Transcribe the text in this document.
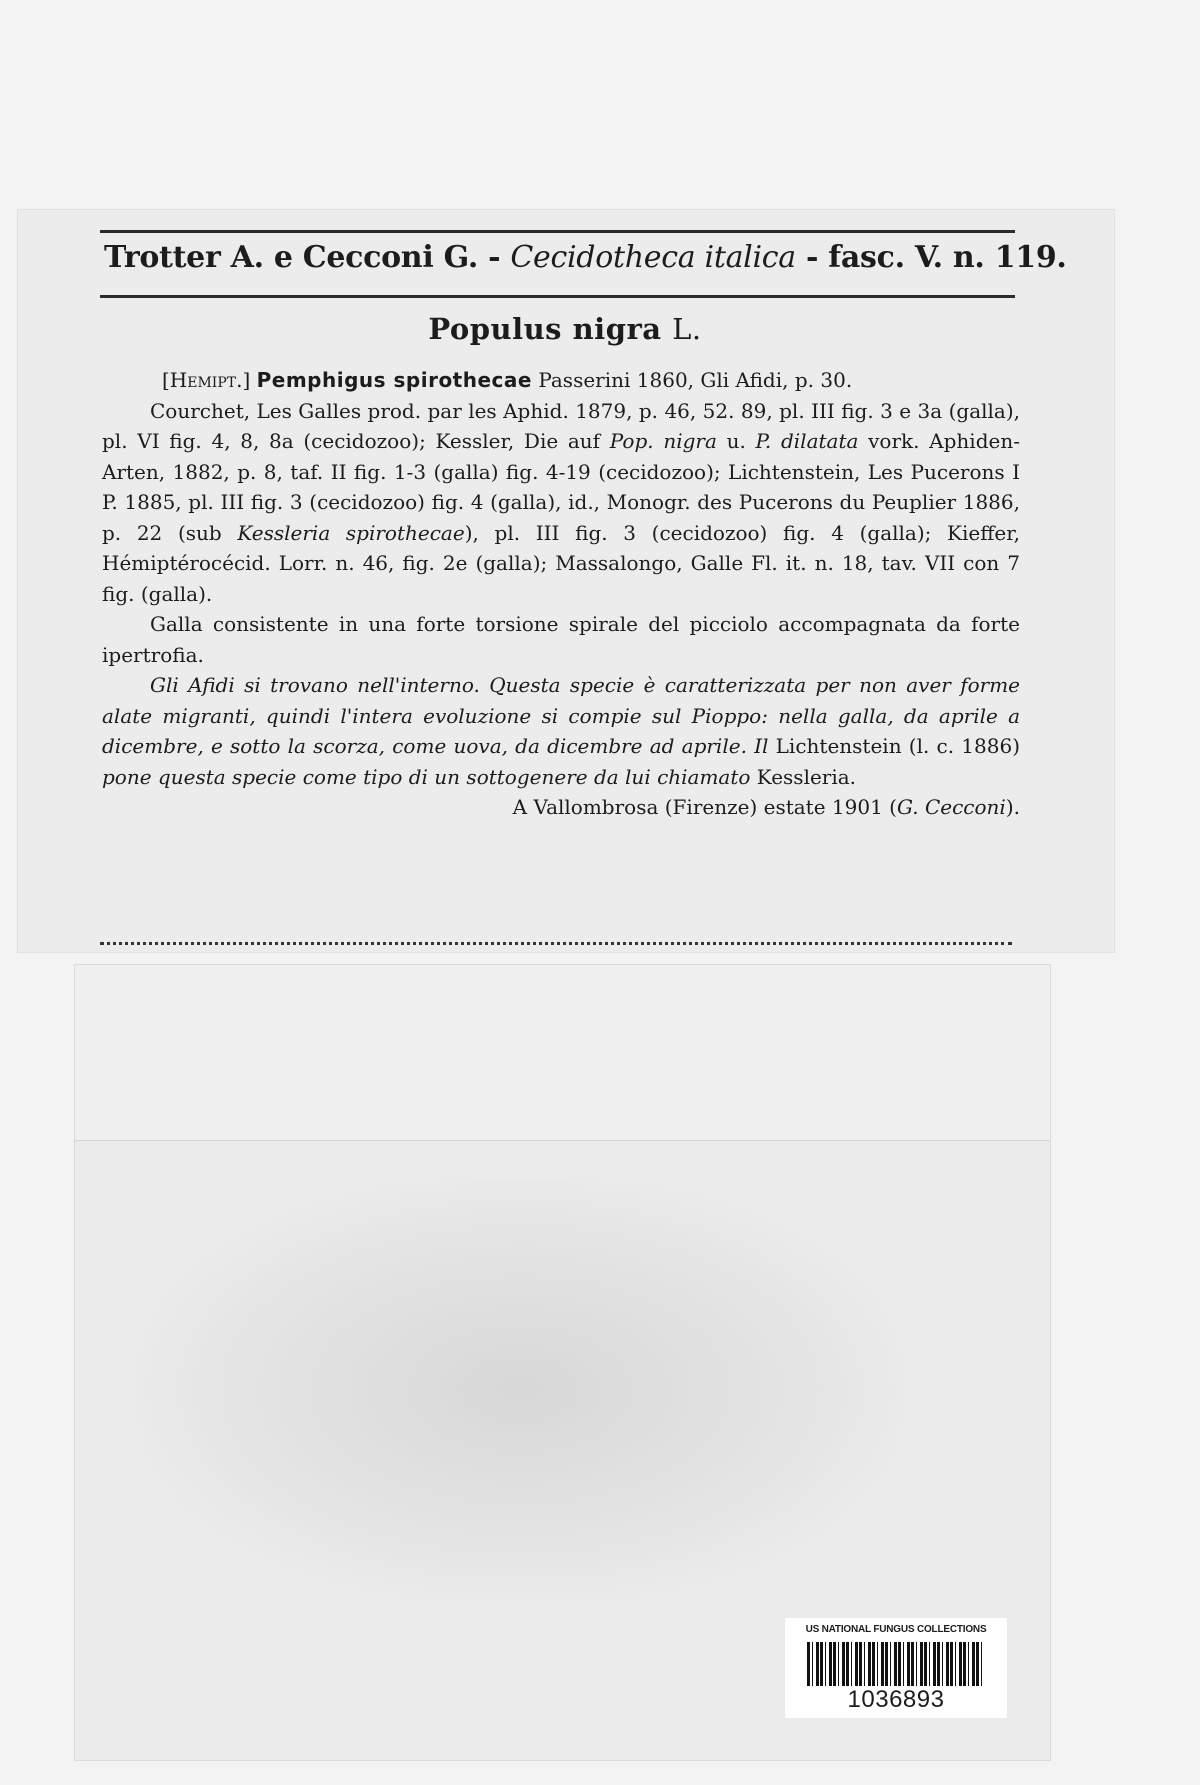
Trotter A. e Cecconi G. - Cecidotheca italica - fasc. V. n. 119.
Populus nigra L.

[Hemipt.] Pemphigus spirothecae Passerini 1860, Gli Afidi, p. 30.

Courchet, Les Galles prod. par les Aphid. 1879, p. 46, 52. 89, pl. III fig. 3 e 3a (galla), pl. VI fig. 4, 8, 8a (cecidozoo); Kessler, Die auf Pop. nigra u. P. dilatata vork. Aphiden-Arten, 1882, p. 8, taf. II fig. 1-3 (galla) fig. 4-19 (cecidozoo); Lichtenstein, Les Pucerons I P. 1885, pl. III fig. 3 (cecidozoo) fig. 4 (galla), id., Monogr. des Pucerons du Peuplier 1886, p. 22 (sub Kessleria spirothecae), pl. III fig. 3 (cecidozoo) fig. 4 (galla); Kieffer, Hémiptérocécid. Lorr. n. 46, fig. 2e (galla); Massalongo, Galle Fl. it. n. 18, tav. VII con 7 fig. (galla).

Galla consistente in una forte torsione spirale del picciolo accompagnata da forte ipertrofia.

Gli Afidi si trovano nell'interno. Questa specie è caratterizzata per non aver forme alate migranti, quindi l'intera evoluzione si compie sul Pioppo: nella galla, da aprile a dicembre, e sotto la scorza, come uova, da dicembre ad aprile. Il Lichtenstein (l. c. 1886) pone questa specie come tipo di un sottogenere da lui chiamato Kessleria.

A Vallombrosa (Firenze) estate 1901 (G. Cecconi).

US NATIONAL FUNGUS COLLECTIONS
1036893
